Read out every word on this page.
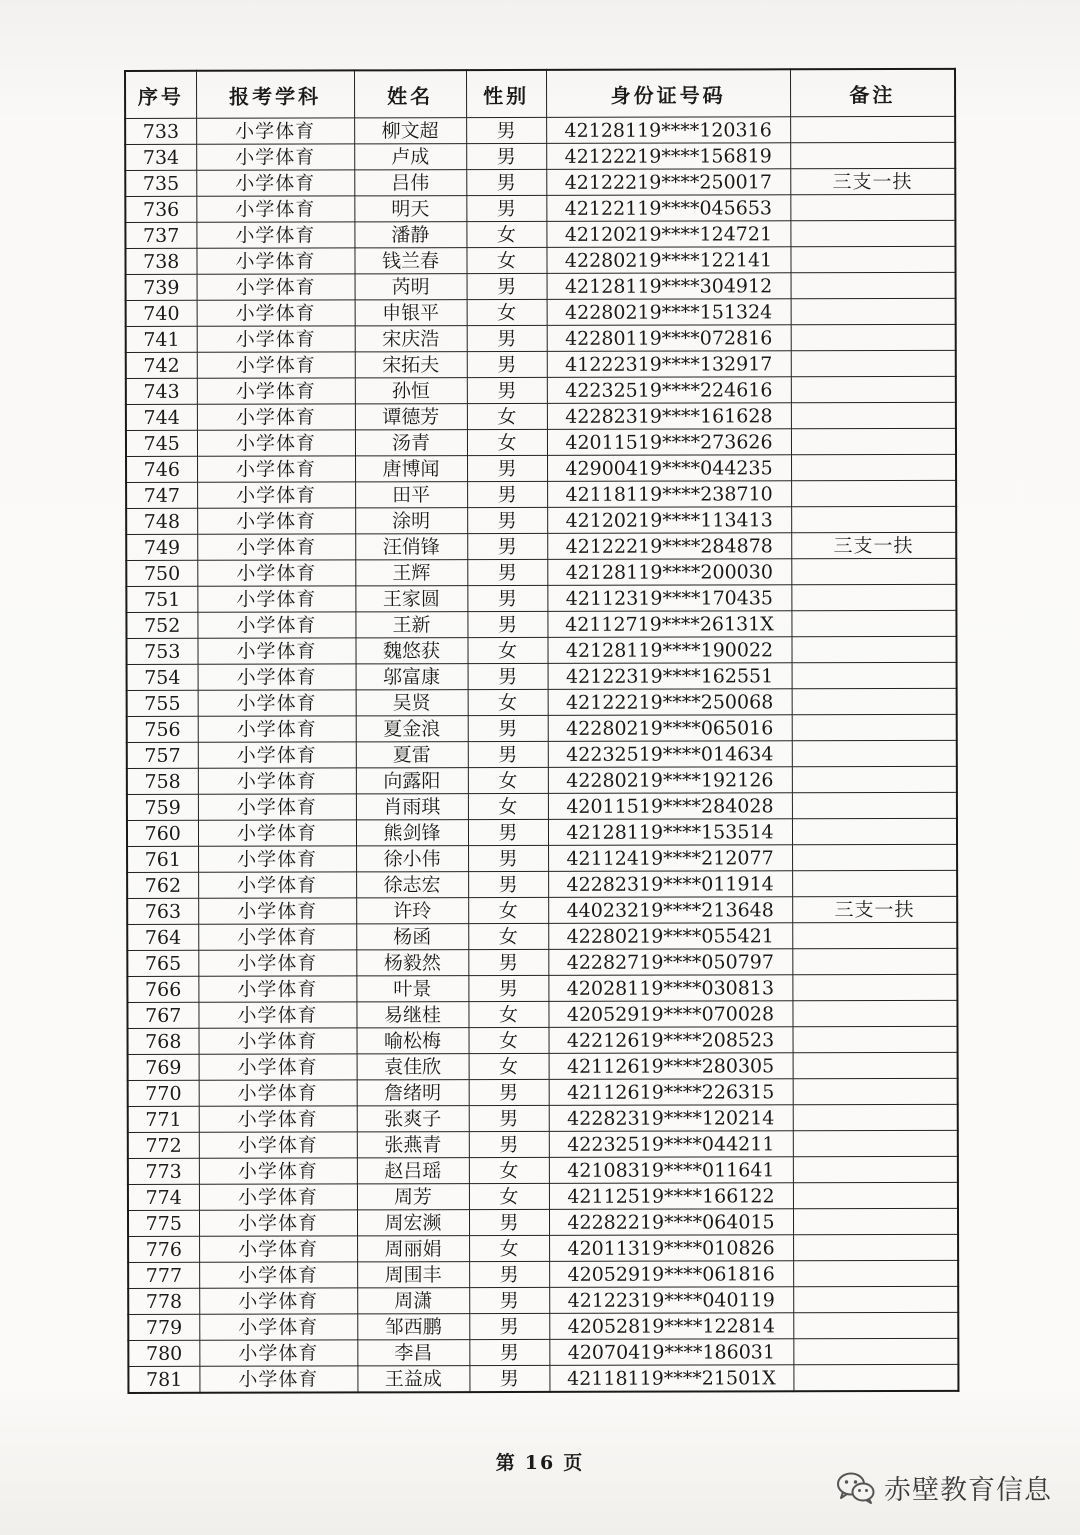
序号	报考学科	姓名	性别	身份证号码	备注
733	小学体育	柳文超	男	42128119****120316	
734	小学体育	卢成	男	42122219****156819	
735	小学体育	吕伟	男	42122219****250017	三支一扶
736	小学体育	明天	男	42122119****045653	
737	小学体育	潘静	女	42120219****124721	
738	小学体育	钱兰春	女	42280219****122141	
739	小学体育	芮明	男	42128119****304912	
740	小学体育	申银平	女	42280219****151324	
741	小学体育	宋庆浩	男	42280119****072816	
742	小学体育	宋拓夫	男	41222319****132917	
743	小学体育	孙恒	男	42232519****224616	
744	小学体育	谭德芳	女	42282319****161628	
745	小学体育	汤青	女	42011519****273626	
746	小学体育	唐博闻	男	42900419****044235	
747	小学体育	田平	男	42118119****238710	
748	小学体育	涂明	男	42120219****113413	
749	小学体育	汪俏锋	男	42122219****284878	三支一扶
750	小学体育	王辉	男	42128119****200030	
751	小学体育	王家圆	男	42112319****170435	
752	小学体育	王新	男	42112719****26131X	
753	小学体育	魏悠获	女	42128119****190022	
754	小学体育	邬富康	男	42122319****162551	
755	小学体育	吴贤	女	42122219****250068	
756	小学体育	夏金浪	男	42280219****065016	
757	小学体育	夏雷	男	42232519****014634	
758	小学体育	向露阳	女	42280219****192126	
759	小学体育	肖雨琪	女	42011519****284028	
760	小学体育	熊剑锋	男	42128119****153514	
761	小学体育	徐小伟	男	42112419****212077	
762	小学体育	徐志宏	男	42282319****011914	
763	小学体育	许玲	女	44023219****213648	三支一扶
764	小学体育	杨函	女	42280219****055421	
765	小学体育	杨毅然	男	42282719****050797	
766	小学体育	叶景	男	42028119****030813	
767	小学体育	易继桂	女	42052919****070028	
768	小学体育	喻松梅	女	42212619****208523	
769	小学体育	袁佳欣	女	42112619****280305	
770	小学体育	詹绪明	男	42112619****226315	
771	小学体育	张爽子	男	42282319****120214	
772	小学体育	张燕青	男	42232519****044211	
773	小学体育	赵吕瑶	女	42108319****011641	
774	小学体育	周芳	女	42112519****166122	
775	小学体育	周宏濒	男	42282219****064015	
776	小学体育	周丽娟	女	42011319****010826	
777	小学体育	周围丰	男	42052919****061816	
778	小学体育	周潇	男	42122319****040119	
779	小学体育	邹西鹏	男	42052819****122814	
780	小学体育	李昌	男	42070419****186031	
781	小学体育	王益成	男	42118119****21501X	
第 16 页
赤壁教育信息
